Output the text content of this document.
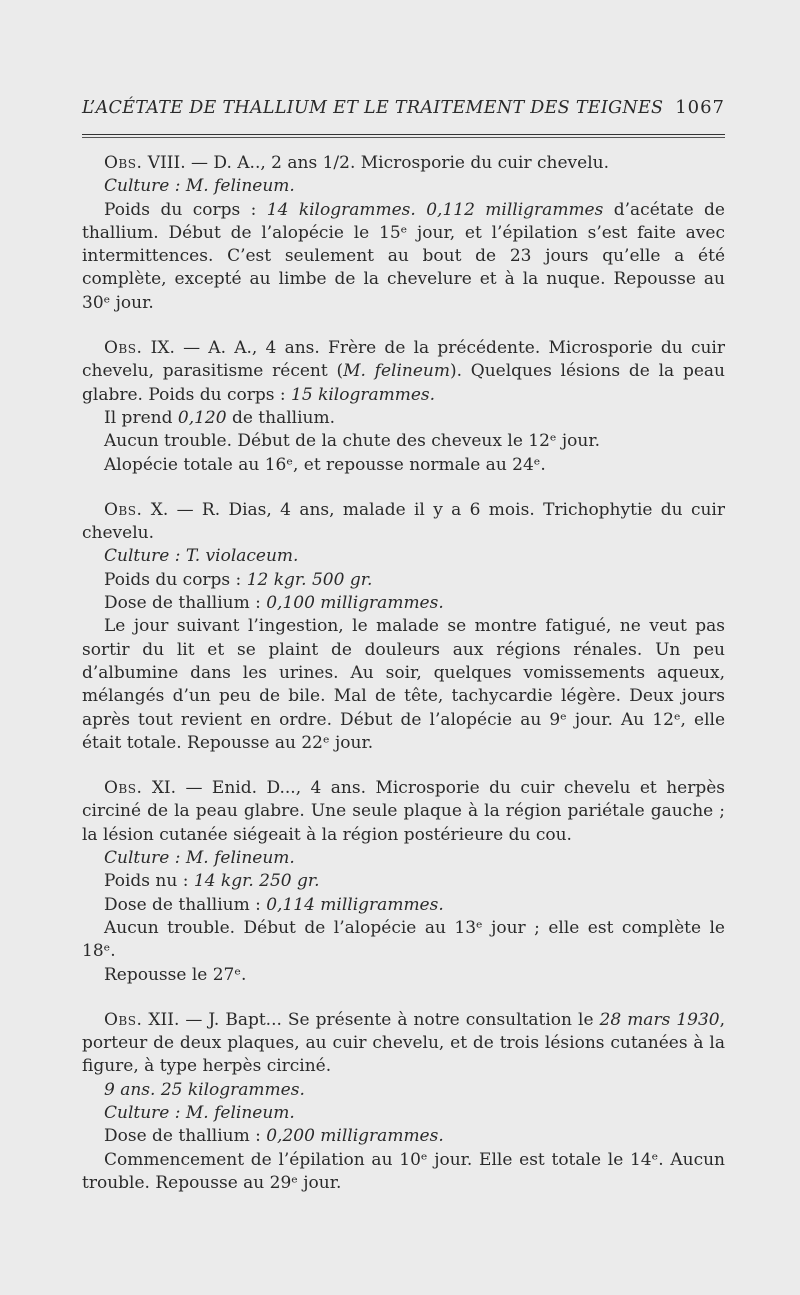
L’ACÉTATE DE THALLIUM ET LE TRAITEMENT DES TEIGNES 1067

Obs. VIII. — D. A.., 2 ans 1/2. Microsporie du cuir chevelu.

Culture : M. felineum.

Poids du corps : 14 kilogrammes. 0,112 milligrammes d’acétate de thallium. Début de l’alopécie le 15ᵉ jour, et l’épilation s’est faite avec intermittences. C’est seulement au bout de 23 jours qu’elle a été complète, excepté au limbe de la chevelure et à la nuque. Repousse au 30ᵉ jour.

Obs. IX. — A. A., 4 ans. Frère de la précédente. Microsporie du cuir chevelu, parasitisme récent (M. felineum). Quelques lésions de la peau glabre. Poids du corps : 15 kilogrammes.

Il prend 0,120 de thallium.

Aucun trouble. Début de la chute des cheveux le 12ᵉ jour.

Alopécie totale au 16ᵉ, et repousse normale au 24ᵉ.

Obs. X. — R. Dias, 4 ans, malade il y a 6 mois. Trichophytie du cuir chevelu.

Culture : T. violaceum.

Poids du corps : 12 kgr. 500 gr.

Dose de thallium : 0,100 milligrammes.

Le jour suivant l’ingestion, le malade se montre fatigué, ne veut pas sortir du lit et se plaint de douleurs aux régions rénales. Un peu d’albumine dans les urines. Au soir, quelques vomissements aqueux, mélangés d’un peu de bile. Mal de tête, tachycardie légère. Deux jours après tout revient en ordre. Début de l’alopécie au 9ᵉ jour. Au 12ᵉ, elle était totale. Repousse au 22ᵉ jour.

Obs. XI. — Enid. D..., 4 ans. Microsporie du cuir chevelu et herpès circiné de la peau glabre. Une seule plaque à la région pariétale gauche ; la lésion cutanée siégeait à la région postérieure du cou.

Culture : M. felineum.

Poids nu : 14 kgr. 250 gr.

Dose de thallium : 0,114 milligrammes.

Aucun trouble. Début de l’alopécie au 13ᵉ jour ; elle est complète le 18ᵉ.

Repousse le 27ᵉ.

Obs. XII. — J. Bapt... Se présente à notre consultation le 28 mars 1930, porteur de deux plaques, au cuir chevelu, et de trois lésions cutanées à la figure, à type herpès circiné.

9 ans. 25 kilogrammes.

Culture : M. felineum.

Dose de thallium : 0,200 milligrammes.

Commencement de l’épilation au 10ᵉ jour. Elle est totale le 14ᵉ. Aucun trouble. Repousse au 29ᵉ jour.
